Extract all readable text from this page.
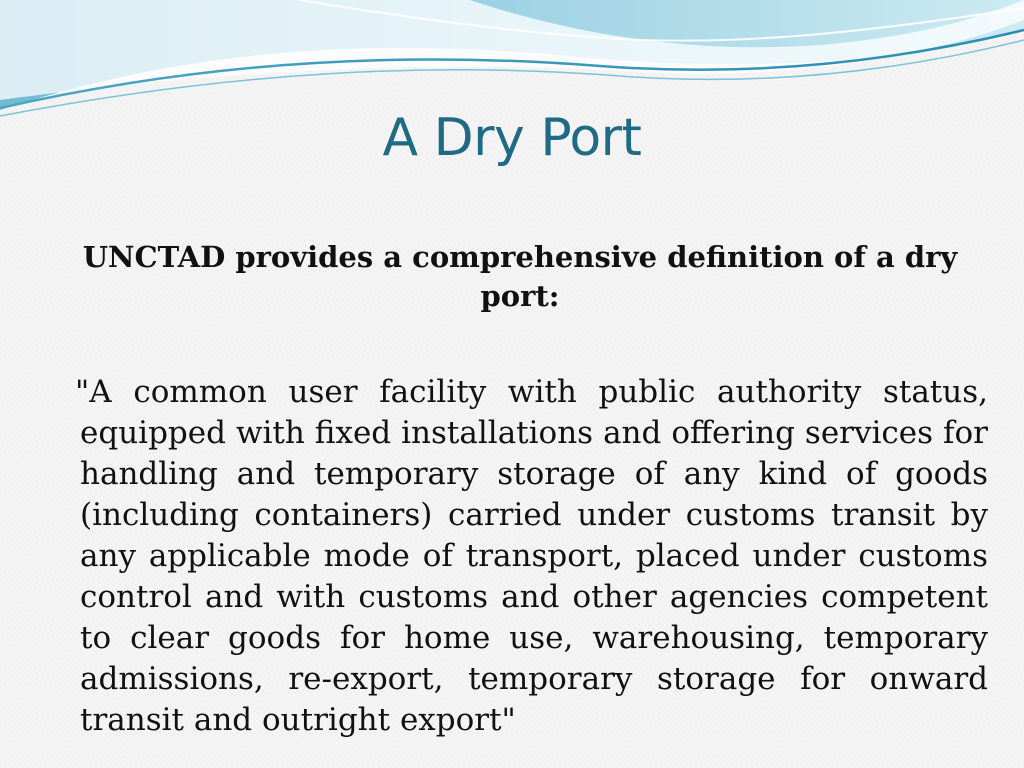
A Dry Port

UNCTAD provides a comprehensive definition of a dry port:

"A common user facility with public authority status, equipped with fixed installations and offering services for handling and temporary storage of any kind of goods (including containers) carried under customs transit by any applicable mode of transport, placed under customs control and with customs and other agencies competent to clear goods for home use, warehousing, temporary admissions, re-export, temporary storage for onward transit and outright export"
